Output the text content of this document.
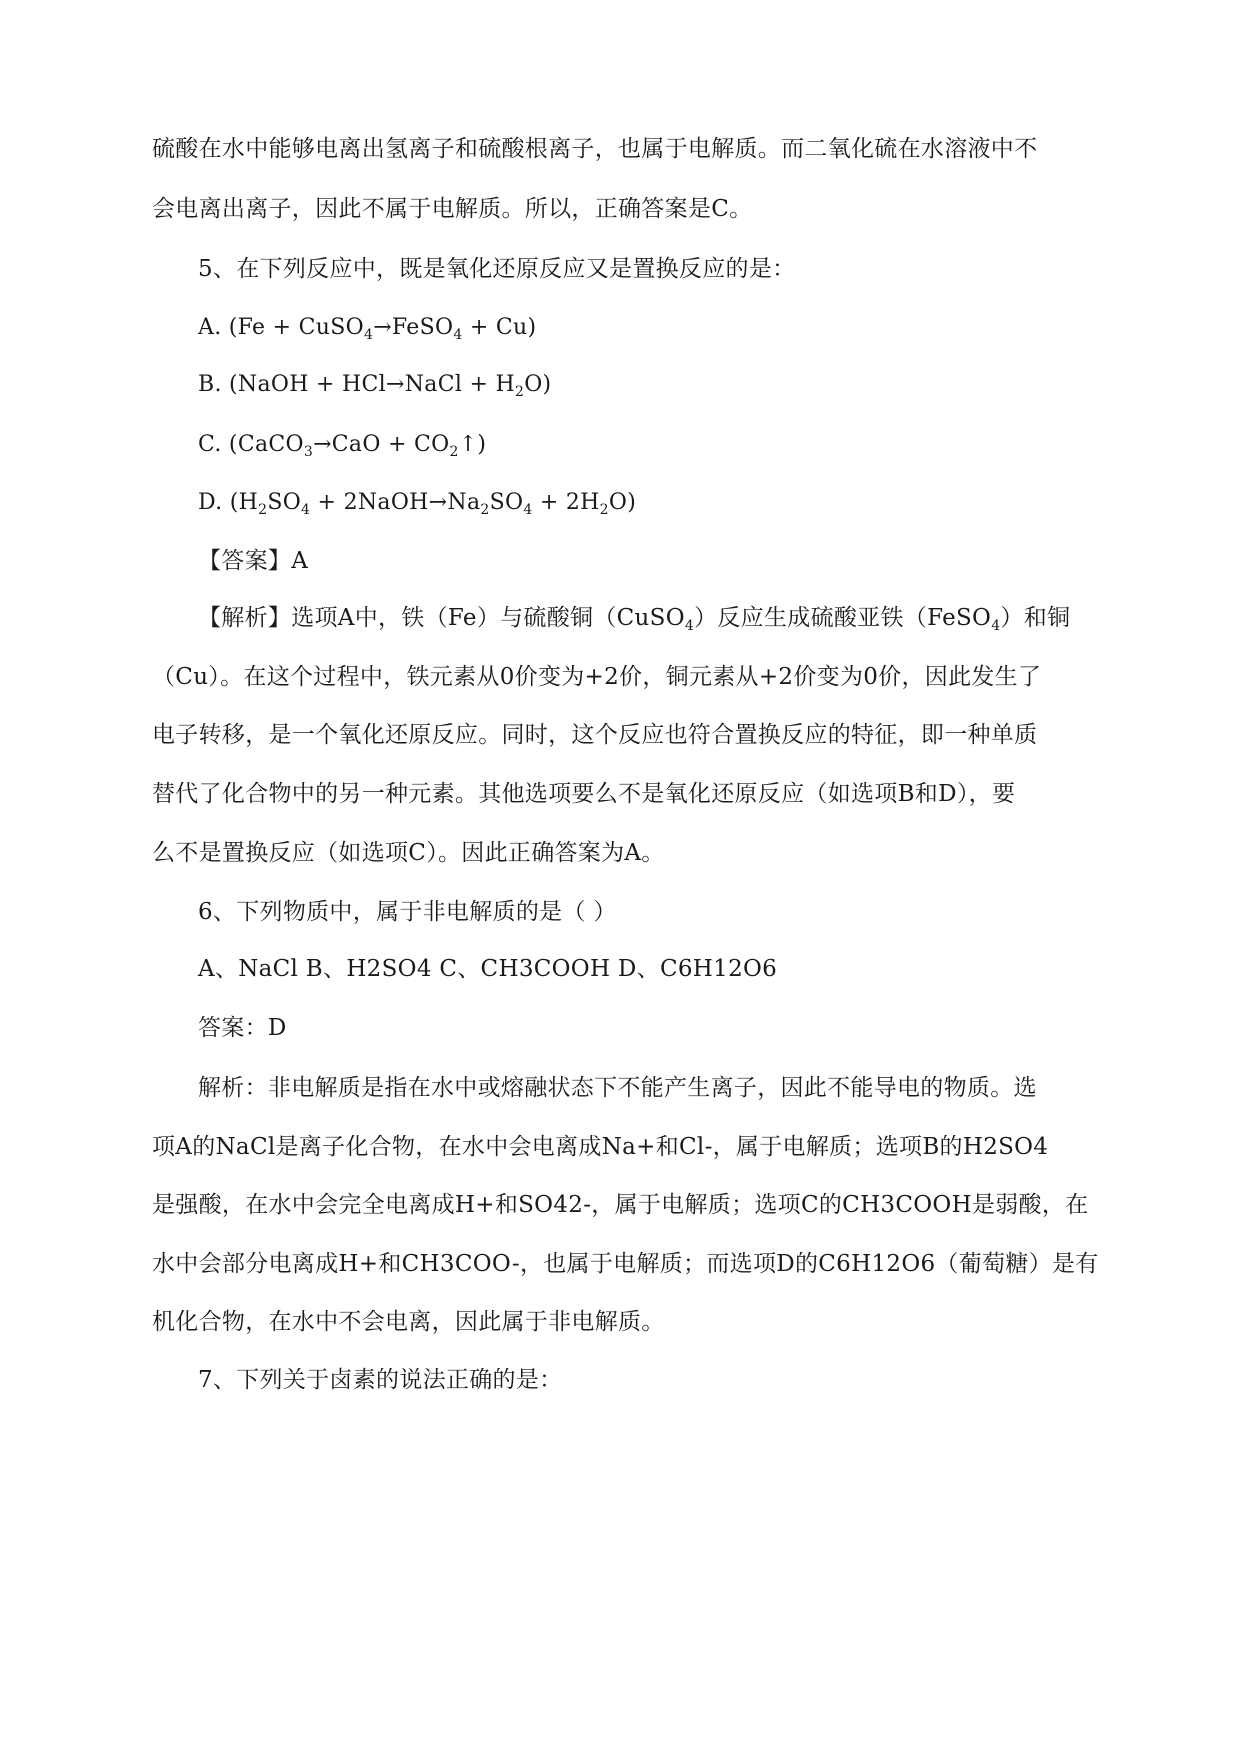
硫酸在水中能够电离出氢离子和硫酸根离子，也属于电解质。而二氧化硫在水溶液中不
会电离出离子，因此不属于电解质。所以，正确答案是C。
5、在下列反应中，既是氧化还原反应又是置换反应的是：
A. (Fe + CuSO$_4$→FeSO$_4$ + Cu)
B. (NaOH + HCl→NaCl + $H_2O$)
C. (CaCO$_3$→CaO + $CO_2↑$)
D. ($H_2SO_4$ + $2NaOH\to Na_2SO_4 + 2H_2O$)
【答案】A
【解析】选项A中，铁（Fe）与硫酸铜（CuSO$_4$）反应生成硫酸亚铁（FeSO$_4$）和铜
（Cu）。在这个过程中，铁元素从0价变为+2价，铜元素从+2价变为0价，因此发生了
电子转移，是一个氧化还原反应。同时，这个反应也符合置换反应的特征，即一种单质
替代了化合物中的另一种元素。其他选项要么不是氧化还原反应（如选项B和D），要
么不是置换反应（如选项C）。因此正确答案为A。
6、下列物质中，属于非电解质的是（ ）
A、NaCl B、H2SO4 C、CH3COOH D、C6H12O6
答案：D
解析：非电解质是指在水中或熔融状态下不能产生离子，因此不能导电的物质。选
项A的NaCl是离子化合物，在水中会电离成Na+和Cl-，属于电解质；选项B的H2SO4
是强酸，在水中会完全电离成H+和SO42-，属于电解质；选项C的CH3COOH是弱酸，在
水中会部分电离成H+和CH3COO-，也属于电解质；而选项D的C6H12O6（葡萄糖）是有
机化合物，在水中不会电离，因此属于非电解质。
7、下列关于卤素的说法正确的是：
